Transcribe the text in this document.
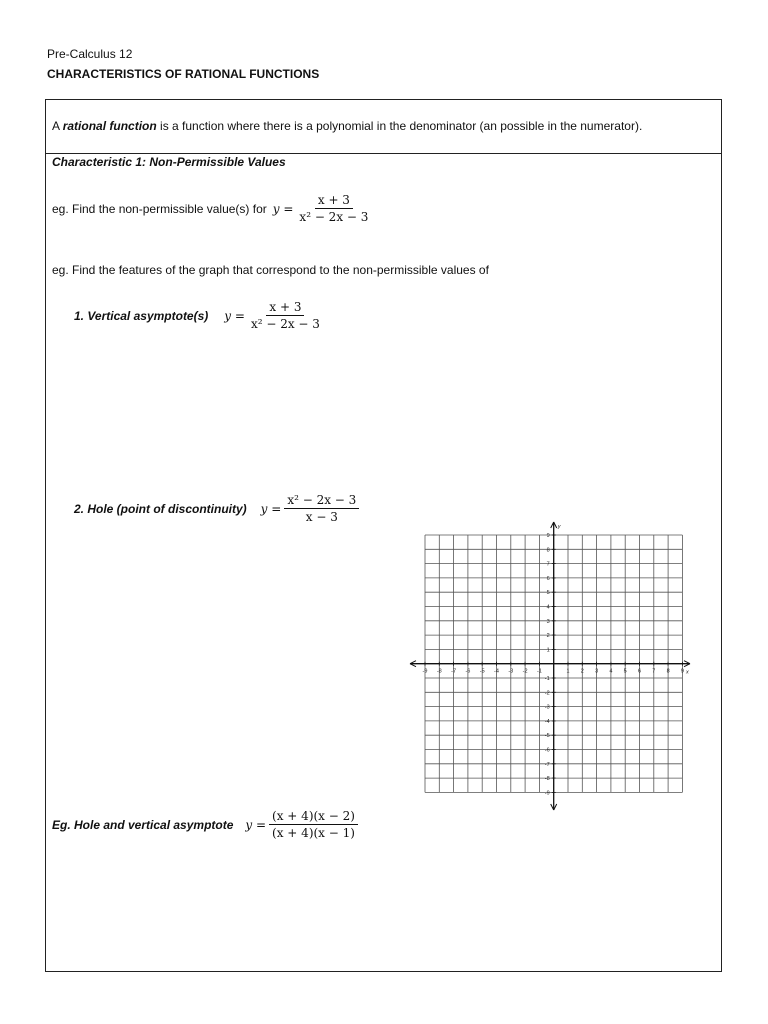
Pre-Calculus 12
CHARACTERISTICS OF RATIONAL FUNCTIONS
A rational function is a function where there is a polynomial in the denominator (an possible in the numerator).
Characteristic 1: Non-Permissible Values
eg. Find the non-permissible value(s) for $y = \frac{x + 3}{\text{x² − 2x − 3}}$
eg. Find the features of the graph that correspond to the non-permissible values of
1. Vertical asymptote(s) $y = \frac{x + 3}{\text{x² − 2x − 3}}$
2. Hole (point of discontinuity) $y = \frac{\text{x² − 2x − 3}}{x - 3}$
Eg. Hole and vertical asymptote $y = \frac{(x + 4)(x - 2)}{(x + 4)(x - 1)}$
-9 -8 -7 -6 -5 -4 -3 -2 -1	1 2 3 4 5 6 7 8 9
9
8
7
6
5
4
3
2
1
-1
-2
-3
-4
-5
-6
-7
-8
-9
x
y
